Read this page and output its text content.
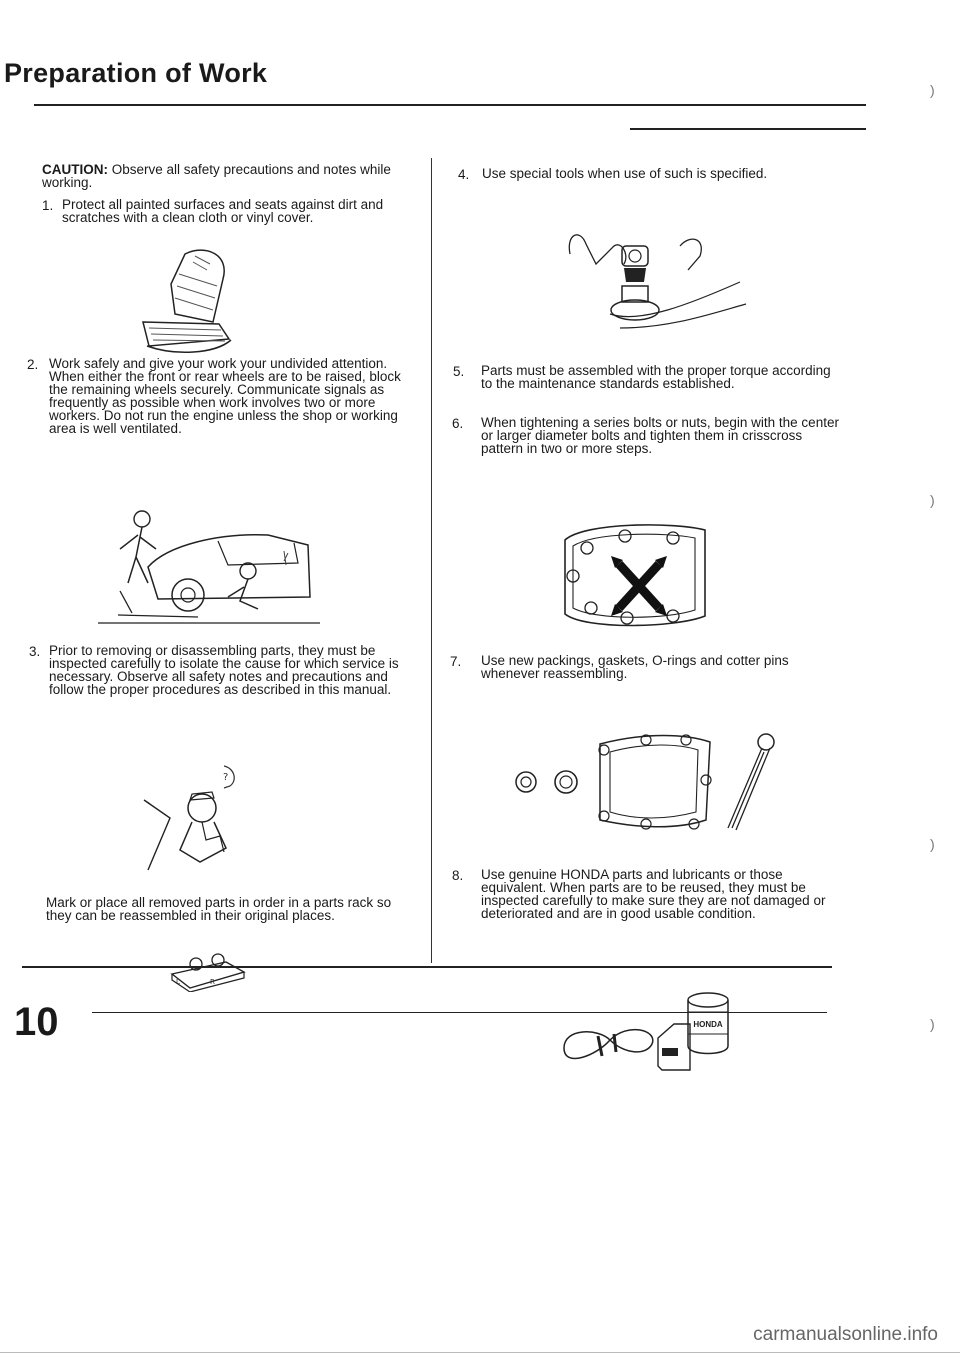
Preparation of Work
)
)
)
)
CAUTION: Observe all safety precautions and notes while working.
1. Protect all painted surfaces and seats against dirt and scratches with a clean cloth or vinyl cover.
2. Work safely and give your work your undivided attention. When either the front or rear wheels are to be raised, block the remaining wheels securely. Communicate signals as frequently as possible when work involves two or more workers. Do not run the engine unless the shop or working area is well ventilated.
3. Prior to removing or disassembling parts, they must be inspected carefully to isolate the cause for which service is necessary. Observe all safety notes and precautions and follow the proper procedures as described in this manual.
?
Mark or place all removed parts in order in a parts rack so they can be reassembled in their original places.
L	R
4. Use special tools when use of such is specified.
5. Parts must be assembled with the proper torque according to the maintenance standards established.
6. When tightening a series bolts or nuts, begin with the center or larger diameter bolts and tighten them in crisscross pattern in two or more steps.
7. Use new packings, gaskets, O-rings and cotter pins whenever reassembling.
8. Use genuine HONDA parts and lubricants or those equivalent. When parts are to be reused, they must be inspected carefully to make sure they are not damaged or deteriorated and are in good usable condition.
HONDA
10
carmanualsonline.info
